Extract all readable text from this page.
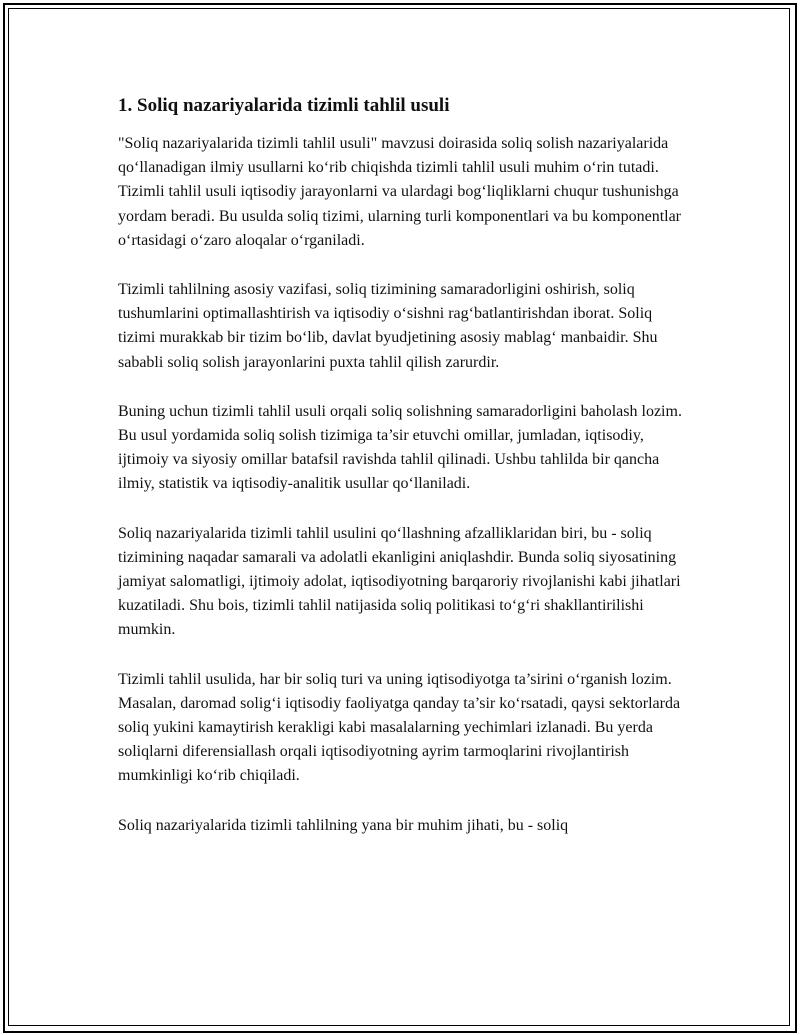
1. Soliq nazariyalarida tizimli tahlil usuli

"Soliq nazariyalarida tizimli tahlil usuli" mavzusi doirasida soliq solish nazariyalarida qo‘llanadigan ilmiy usullarni ko‘rib chiqishda tizimli tahlil usuli muhim o‘rin tutadi. Tizimli tahlil usuli iqtisodiy jarayonlarni va ulardagi bog‘liqliklarni chuqur tushunishga yordam beradi. Bu usulda soliq tizimi, ularning turli komponentlari va bu komponentlar o‘rtasidagi o‘zaro aloqalar o‘rganiladi.

Tizimli tahlilning asosiy vazifasi, soliq tizimining samaradorligini oshirish, soliq tushumlarini optimallashtirish va iqtisodiy o‘sishni rag‘batlantirishdan iborat. Soliq tizimi murakkab bir tizim bo‘lib, davlat byudjetining asosiy mablag‘ manbaidir. Shu sababli soliq solish jarayonlarini puxta tahlil qilish zarurdir.

Buning uchun tizimli tahlil usuli orqali soliq solishning samaradorligini baholash lozim. Bu usul yordamida soliq solish tizimiga ta’sir etuvchi omillar, jumladan, iqtisodiy, ijtimoiy va siyosiy omillar batafsil ravishda tahlil qilinadi. Ushbu tahlilda bir qancha ilmiy, statistik va iqtisodiy-analitik usullar qo‘llaniladi.

Soliq nazariyalarida tizimli tahlil usulini qo‘llashning afzalliklaridan biri, bu - soliq tizimining naqadar samarali va adolatli ekanligini aniqlashdir. Bunda soliq siyosatining jamiyat salomatligi, ijtimoiy adolat, iqtisodiyotning barqaroriy rivojlanishi kabi jihatlari kuzatiladi. Shu bois, tizimli tahlil natijasida soliq politikasi to‘g‘ri shakllantirilishi mumkin.

Tizimli tahlil usulida, har bir soliq turi va uning iqtisodiyotga ta’sirini o‘rganish lozim. Masalan, daromad solig‘i iqtisodiy faoliyatga qanday ta’sir ko‘rsatadi, qaysi sektorlarda soliq yukini kamaytirish kerakligi kabi masalalarning yechimlari izlanadi. Bu yerda soliqlarni diferensiallash orqali iqtisodiyotning ayrim tarmoqlarini rivojlantirish mumkinligi ko‘rib chiqiladi.

Soliq nazariyalarida tizimli tahlilning yana bir muhim jihati, bu - soliq
